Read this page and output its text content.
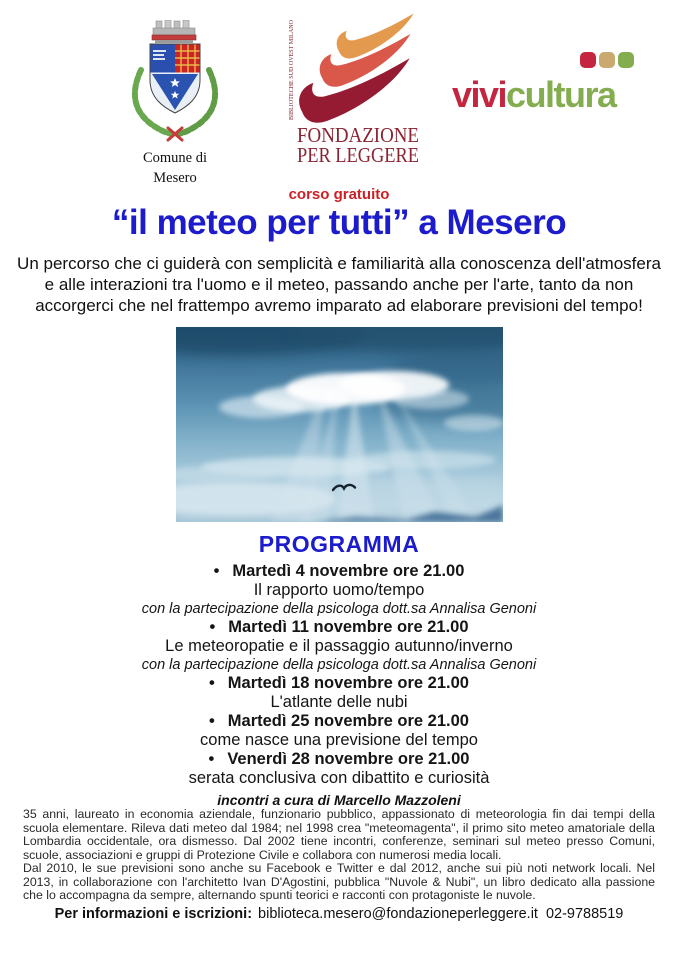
Comune di
Mesero
BIBLIOTECHE SUD OVEST MILANO
FONDAZIONE
PER LEGGERE
vivicultura
corso gratuito
“il meteo per tutti” a Mesero
Un percorso che ci guiderà con semplicità e familiarità alla conoscenza dell'atmosfera
e alle interazioni tra l'uomo e il meteo, passando anche per l'arte, tanto da non
accorgerci che nel frattempo avremo imparato ad elaborare previsioni del tempo!
PROGRAMMA
• Martedì 4 novembre ore 21.00
Il rapporto uomo/tempo
con la partecipazione della psicologa dott.sa Annalisa Genoni
• Martedì 11 novembre ore 21.00
Le meteoropatie e il passaggio autunno/inverno
con la partecipazione della psicologa dott.sa Annalisa Genoni
• Martedì 18 novembre ore 21.00
L'atlante delle nubi
• Martedì 25 novembre ore 21.00
come nasce una previsione del tempo
• Venerdì 28 novembre ore 21.00
serata conclusiva con dibattito e curiosità
incontri a cura di Marcello Mazzoleni

35 anni, laureato in economia aziendale, funzionario pubblico, appassionato di meteorologia fin dai tempi della scuola elementare. Rileva dati meteo dal 1984; nel 1998 crea "meteomagenta", il primo sito meteo amatoriale della Lombardia occidentale, ora dismesso. Dal 2002 tiene incontri, conferenze, seminari sul meteo presso Comuni, scuole, associazioni e gruppi di Protezione Civile e collabora con numerosi media locali.

Dal 2010, le sue previsioni sono anche su Facebook e Twitter e dal 2012, anche sui più noti network locali. Nel 2013, in collaborazione con l'architetto Ivan D'Agostini, pubblica "Nuvole & Nubi", un libro dedicato alla passione che lo accompagna da sempre, alternando spunti teorici e racconti con protagoniste le nuvole.

Per informazioni e iscrizioni: biblioteca.mesero@fondazioneperleggere.it 02-9788519
